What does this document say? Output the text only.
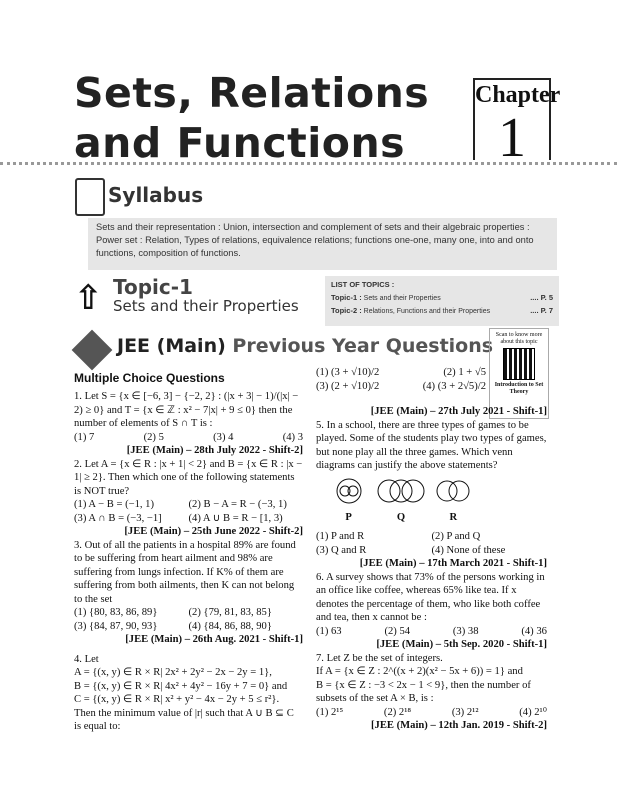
Sets, Relations
and Functions
Chapter
1
Syllabus
Sets and their representation : Union, intersection and complement of sets and their algebraic properties : Power set : Relation, Types of relations, equivalence relations; functions one-one, many one, into and onto functions, composition of functions.
⇧ Topic-1
Sets and their Properties
LIST OF TOPICS :
Topic-1 : Sets and their Properties	.... P. 5
Topic-2 : Relations, Functions and their Properties	.... P. 7
JEE (Main) Previous Year Questions Scan to know more about this topic
Introduction to Set Theory
Multiple Choice Questions

1. Let S = {x ∈ [−6, 3] − {−2, 2} : (|x + 3| − 1)/(|x| − 2) ≥ 0} and T = {x ∈ ℤ : x² − 7|x| + 9 ≤ 0} then the number of elements of S ∩ T is :

(1) 7	(2) 5	(3) 4	(4) 3
[JEE (Main) – 28th July 2022 - Shift-2]

2. Let A = {x ∈ R : |x + 1| < 2} and B = {x ∈ R : |x − 1| ≥ 2}. Then which one of the following statements is NOT true?

(1) A − B = (−1, 1)	(2) B − A = R − (−3, 1)
(3) A ∩ B = (−3, −1]	(4) A ∪ B = R − [1, 3)
[JEE (Main) – 25th June 2022 - Shift-2]

3. Out of all the patients in a hospital 89% are found to be suffering from heart ailment and 98% are suffering from lungs infection. If K% of them are suffering from both ailments, then K can not belong to the set

(1) {80, 83, 86, 89}	(2) {79, 81, 83, 85}
(3) {84, 87, 90, 93}	(4) {84, 86, 88, 90}
[JEE (Main) – 26th Aug. 2021 - Shift-1]

4. Let

A = {(x, y) ∈ R × R| 2x² + 2y² − 2x − 2y = 1},

B = {(x, y) ∈ R × R| 4x² + 4y² − 16y + 7 = 0} and

C = {(x, y) ∈ R × R| x² + y² − 4x − 2y + 5 ≤ r²}.

Then the minimum value of |r| such that A ∪ B ⊆ C is equal to:

(1) (3 + √10)/2	(2) 1 + √5
(3) (2 + √10)/2	(4) (3 + 2√5)/2
[JEE (Main) – 27th July 2021 - Shift-1]

5. In a school, there are three types of games to be played. Some of the students play two types of games, but none play all the three games. Which venn diagrams can justify the above statements?

P	Q	R
(1) P and R	(2) P and Q
(3) Q and R	(4) None of these
[JEE (Main) – 17th March 2021 - Shift-1]

6. A survey shows that 73% of the persons working in an office like coffee, whereas 65% like tea. If x denotes the percentage of them, who like both coffee and tea, then x cannot be :

(1) 63	(2) 54	(3) 38	(4) 36
[JEE (Main) – 5th Sep. 2020 - Shift-1]

7. Let Z be the set of integers.

If A = {x ∈ Z : 2^((x + 2)(x² − 5x + 6)) = 1} and

B = {x ∈ Z : −3 < 2x − 1 < 9}, then the number of subsets of the set A × B, is :

(1) 2¹⁵	(2) 2¹⁸	(3) 2¹²	(4) 2¹⁰
[JEE (Main) – 12th Jan. 2019 - Shift-2]
